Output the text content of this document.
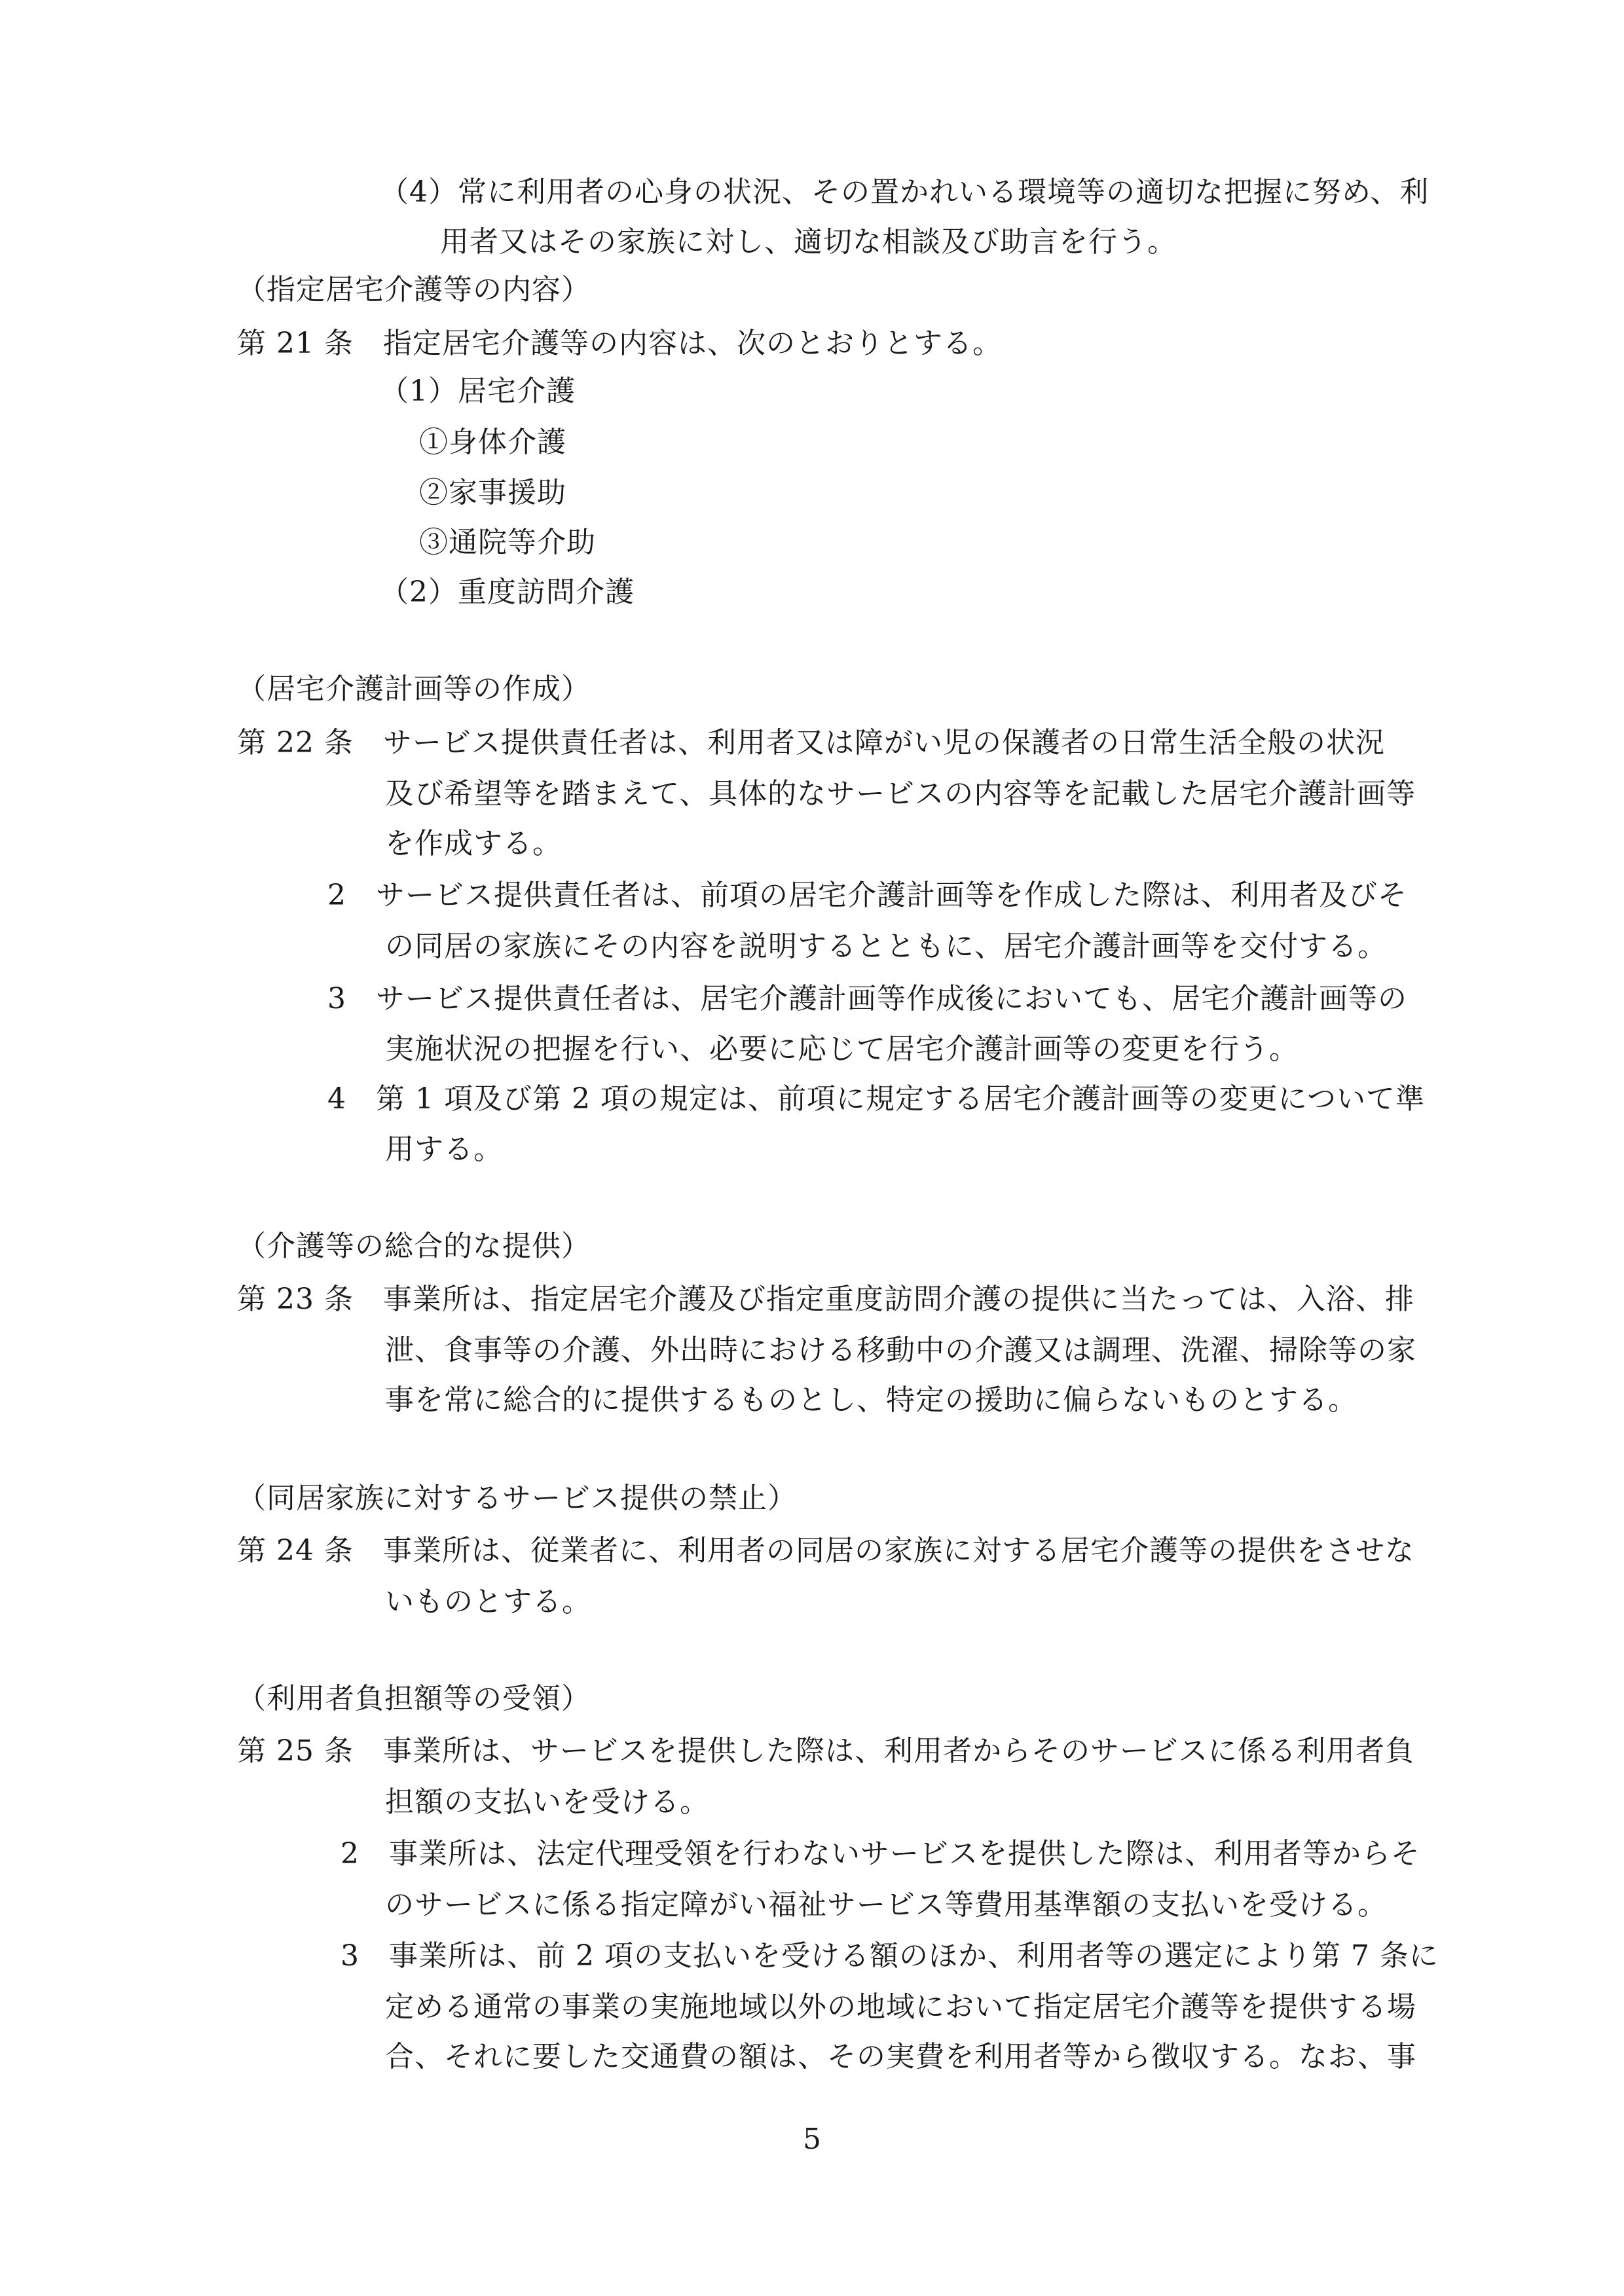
（4）常に利用者の心身の状況、その置かれいる環境等の適切な把握に努め、利

用者又はその家族に対し、適切な相談及び助言を行う。

（指定居宅介護等の内容）

第 21 条　指定居宅介護等の内容は、次のとおりとする。

（1）居宅介護

①身体介護

②家事援助

③通院等介助

（2）重度訪問介護

（居宅介護計画等の作成）

第 22 条　サービス提供責任者は、利用者又は障がい児の保護者の日常生活全般の状況

及び希望等を踏まえて、具体的なサービスの内容等を記載した居宅介護計画等

を作成する。

2　サービス提供責任者は、前項の居宅介護計画等を作成した際は、利用者及びそ

の同居の家族にその内容を説明するとともに、居宅介護計画等を交付する。

3　サービス提供責任者は、居宅介護計画等作成後においても、居宅介護計画等の

実施状況の把握を行い、必要に応じて居宅介護計画等の変更を行う。

4　第 1 項及び第 2 項の規定は、前項に規定する居宅介護計画等の変更について準

用する。

（介護等の総合的な提供）

第 23 条　事業所は、指定居宅介護及び指定重度訪問介護の提供に当たっては、入浴、排

泄、食事等の介護、外出時における移動中の介護又は調理、洗濯、掃除等の家

事を常に総合的に提供するものとし、特定の援助に偏らないものとする。

（同居家族に対するサービス提供の禁止）

第 24 条　事業所は、従業者に、利用者の同居の家族に対する居宅介護等の提供をさせな

いものとする。

（利用者負担額等の受領）

第 25 条　事業所は、サービスを提供した際は、利用者からそのサービスに係る利用者負

担額の支払いを受ける。

2　事業所は、法定代理受領を行わないサービスを提供した際は、利用者等からそ

のサービスに係る指定障がい福祉サービス等費用基準額の支払いを受ける。

3　事業所は、前 2 項の支払いを受ける額のほか、利用者等の選定により第 7 条に

定める通常の事業の実施地域以外の地域において指定居宅介護等を提供する場

合、それに要した交通費の額は、その実費を利用者等から徴収する。なお、事

5
